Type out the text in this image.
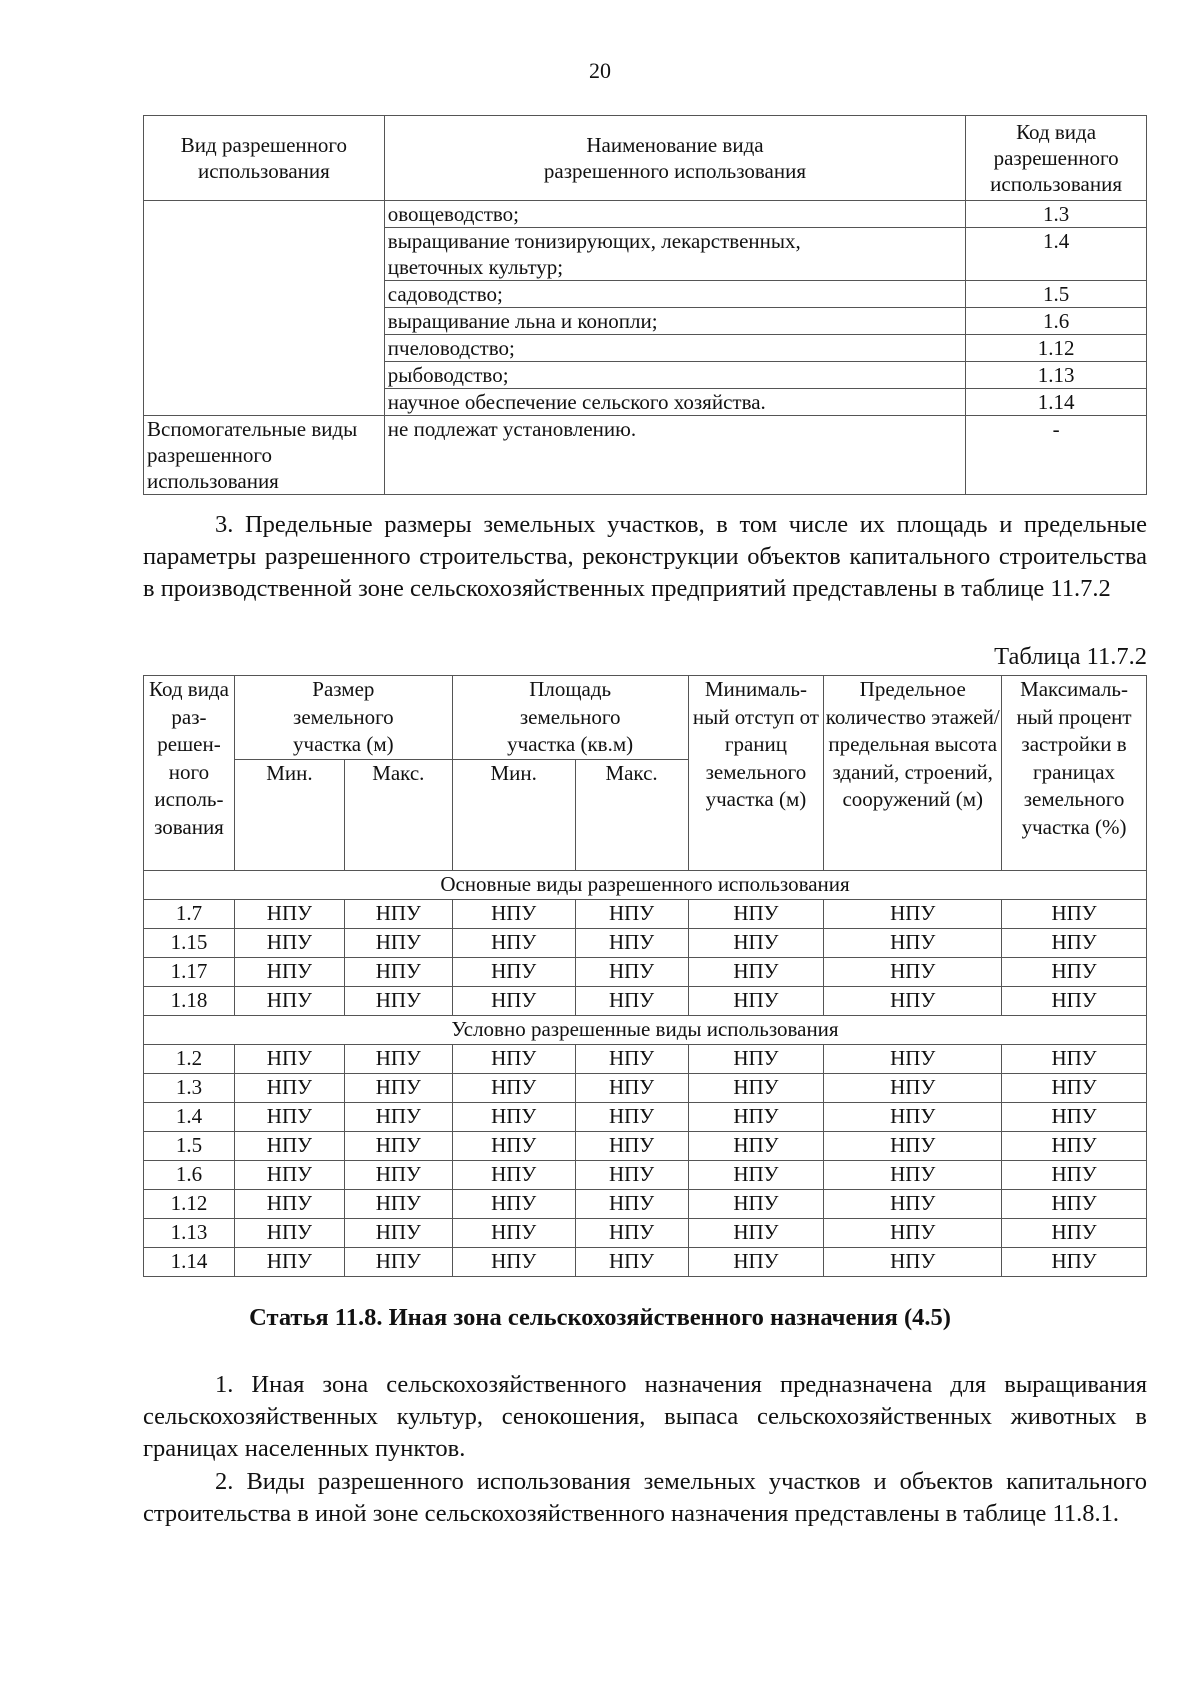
20
Вид разрешенного использования	Наименование вида разрешенного использования	Код вида разрешенного использования
	овощеводство;	1.3
	выращивание тонизирующих, лекарственных, цветочных культур;	1.4
	садоводство;	1.5
	выращивание льна и конопли;	1.6
	пчеловодство;	1.12
	рыбоводство;	1.13
	научное обеспечение сельского хозяйства.	1.14
Вспомогательные виды разрешенного использования	не подлежат установлению.	-

3. Предельные размеры земельных участков, в том числе их площадь и предельные параметры разрешенного строительства, реконструкции объектов капитального строительства в производственной зоне сельскохозяйственных предприятий представлены в таблице 11.7.2

Таблица 11.7.2
Код вида раз-решен-ного исполь-зования	Размер земельного участка (м)		Площадь земельного участка (кв.м)		Минималь-ный отступ от границ земельного участка (м)	Предельное количество этажей/ предельная высота зданий, строений, сооружений (м)	Максималь-ный процент застройки в границах земельного участка (%)
	Мин.	Макс.	Мин.	Макс.			
Основные виды разрешенного использования							
1.7	НПУ	НПУ	НПУ	НПУ	НПУ	НПУ	НПУ
1.15	НПУ	НПУ	НПУ	НПУ	НПУ	НПУ	НПУ
1.17	НПУ	НПУ	НПУ	НПУ	НПУ	НПУ	НПУ
1.18	НПУ	НПУ	НПУ	НПУ	НПУ	НПУ	НПУ
Условно разрешенные виды использования							
1.2	НПУ	НПУ	НПУ	НПУ	НПУ	НПУ	НПУ
1.3	НПУ	НПУ	НПУ	НПУ	НПУ	НПУ	НПУ
1.4	НПУ	НПУ	НПУ	НПУ	НПУ	НПУ	НПУ
1.5	НПУ	НПУ	НПУ	НПУ	НПУ	НПУ	НПУ
1.6	НПУ	НПУ	НПУ	НПУ	НПУ	НПУ	НПУ
1.12	НПУ	НПУ	НПУ	НПУ	НПУ	НПУ	НПУ
1.13	НПУ	НПУ	НПУ	НПУ	НПУ	НПУ	НПУ
1.14	НПУ	НПУ	НПУ	НПУ	НПУ	НПУ	НПУ
Статья 11.8. Иная зона сельскохозяйственного назначения (4.5)

1. Иная зона сельскохозяйственного назначения предназначена для выращивания сельскохозяйственных культур, сенокошения, выпаса сельскохозяйственных животных в границах населенных пунктов.

2. Виды разрешенного использования земельных участков и объектов капитального строительства в иной зоне сельскохозяйственного назначения представлены в таблице 11.8.1.
